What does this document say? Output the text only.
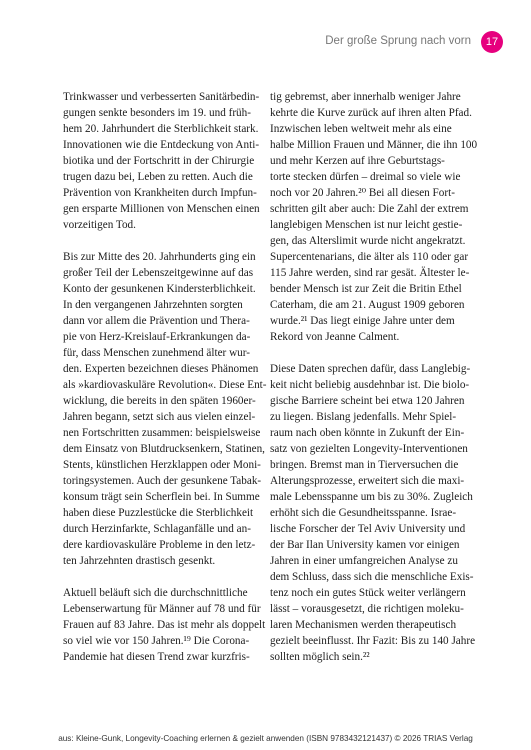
Der große Sprung nach vorn	17
Trinkwasser und verbesserten Sanitärbedin-
gungen senkte besonders im 19. und früh-
hem 20. Jahrhundert die Sterblichkeit stark.
Innovationen wie die Entdeckung von Anti-
biotika und der Fortschritt in der Chirurgie
trugen dazu bei, Leben zu retten. Auch die
Prävention von Krankheiten durch Impfun-
gen ersparte Millionen von Menschen einen
vorzeitigen Tod.
Bis zur Mitte des 20. Jahrhunderts ging ein
großer Teil der Lebenszeitgewinne auf das
Konto der gesunkenen Kindersterblichkeit.
In den vergangenen Jahrzehnten sorgten
dann vor allem die Prävention und Thera-
pie von Herz-Kreislauf-Erkrankungen da-
für, dass Menschen zunehmend älter wur-
den. Experten bezeichnen dieses Phänomen
als »kardiovaskuläre Revolution«. Diese Ent-
wicklung, die bereits in den späten 1960er-
Jahren begann, setzt sich aus vielen einzel-
nen Fortschritten zusammen: beispielsweise
dem Einsatz von Blutdrucksenkern, Statinen,
Stents, künstlichen Herzklappen oder Moni-
toringsystemen. Auch der gesunkene Tabak-
konsum trägt sein Scherflein bei. In Summe
haben diese Puzzlestücke die Sterblichkeit
durch Herzinfarkte, Schlaganfälle und an-
dere kardiovaskuläre Probleme in den letz-
ten Jahrzehnten drastisch gesenkt.
Aktuell beläuft sich die durchschnittliche
Lebenserwartung für Männer auf 78 und für
Frauen auf 83 Jahre. Das ist mehr als doppelt
so viel wie vor 150 Jahren.¹⁹ Die Corona-
Pandemie hat diesen Trend zwar kurzfris-
tig gebremst, aber innerhalb weniger Jahre
kehrte die Kurve zurück auf ihren alten Pfad.
Inzwischen leben weltweit mehr als eine
halbe Million Frauen und Männer, die ihn 100
und mehr Kerzen auf ihre Geburtstags-
torte stecken dürfen – dreimal so viele wie
noch vor 20 Jahren.²⁰ Bei all diesen Fort-
schritten gilt aber auch: Die Zahl der extrem
langlebigen Menschen ist nur leicht gestie-
gen, das Alterslimit wurde nicht angekratzt.
Supercentenarians, die älter als 110 oder gar
115 Jahre werden, sind rar gesät. Ältester le-
bender Mensch ist zur Zeit die Britin Ethel
Caterham, die am 21. August 1909 geboren
wurde.²¹ Das liegt einige Jahre unter dem
Rekord von Jeanne Calment.
Diese Daten sprechen dafür, dass Langlebig-
keit nicht beliebig ausdehnbar ist. Die biolo-
gische Barriere scheint bei etwa 120 Jahren
zu liegen. Bislang jedenfalls. Mehr Spiel-
raum nach oben könnte in Zukunft der Ein-
satz von gezielten Longevity-Interventionen
bringen. Bremst man in Tierversuchen die
Alterungsprozesse, erweitert sich die maxi-
male Lebensspanne um bis zu 30%. Zugleich
erhöht sich die Gesundheitsspanne. Israe-
lische Forscher der Tel Aviv University und
der Bar Ilan University kamen vor einigen
Jahren in einer umfangreichen Analyse zu
dem Schluss, dass sich die menschliche Exis-
tenz noch ein gutes Stück weiter verlängern
lässt – vorausgesetzt, die richtigen moleku-
laren Mechanismen werden therapeutisch
gezielt beeinflusst. Ihr Fazit: Bis zu 140 Jahre
sollten möglich sein.²²
aus: Kleine-Gunk, Longevity-Coaching erlernen & gezielt anwenden (ISBN 9783432121437) © 2026 TRIAS Verlag
